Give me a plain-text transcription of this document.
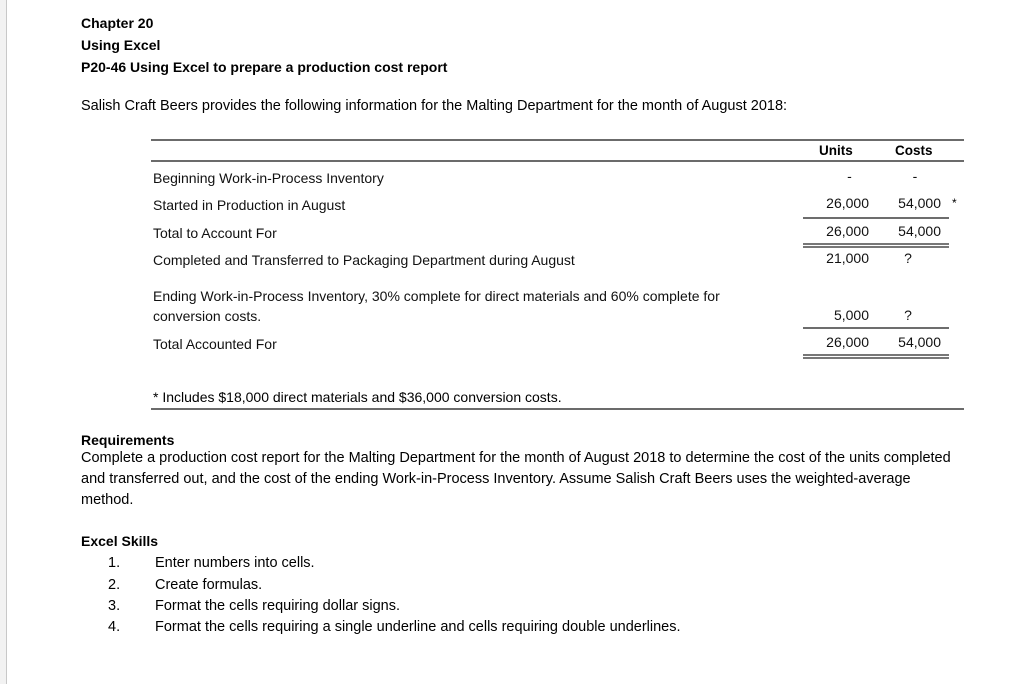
Chapter 20
Using Excel
P20-46 Using Excel to prepare a production cost report
Salish Craft Beers provides the following information for the Malting Department for the month of August 2018:
Units	Costs
Beginning Work-in-Process Inventory	-	-
Started in Production in August	26,000	54,000 *
Total to Account For	26,000	54,000
Completed and Transferred to Packaging Department during August	21,000	?
Ending Work-in-Process Inventory, 30% complete for direct materials and 60% complete for
conversion costs.	5,000	?
Total Accounted For	26,000	54,000
* Includes $18,000 direct materials and $36,000 conversion costs.
Requirements
Complete a production cost report for the Malting Department for the month of August 2018 to determine the cost of the units completed and transferred out, and the cost of the ending Work-in-Process Inventory. Assume Salish Craft Beers uses the weighted-average method.
Excel Skills
1. Enter numbers into cells.
2. Create formulas.
3. Format the cells requiring dollar signs.
4. Format the cells requiring a single underline and cells requiring double underlines.
